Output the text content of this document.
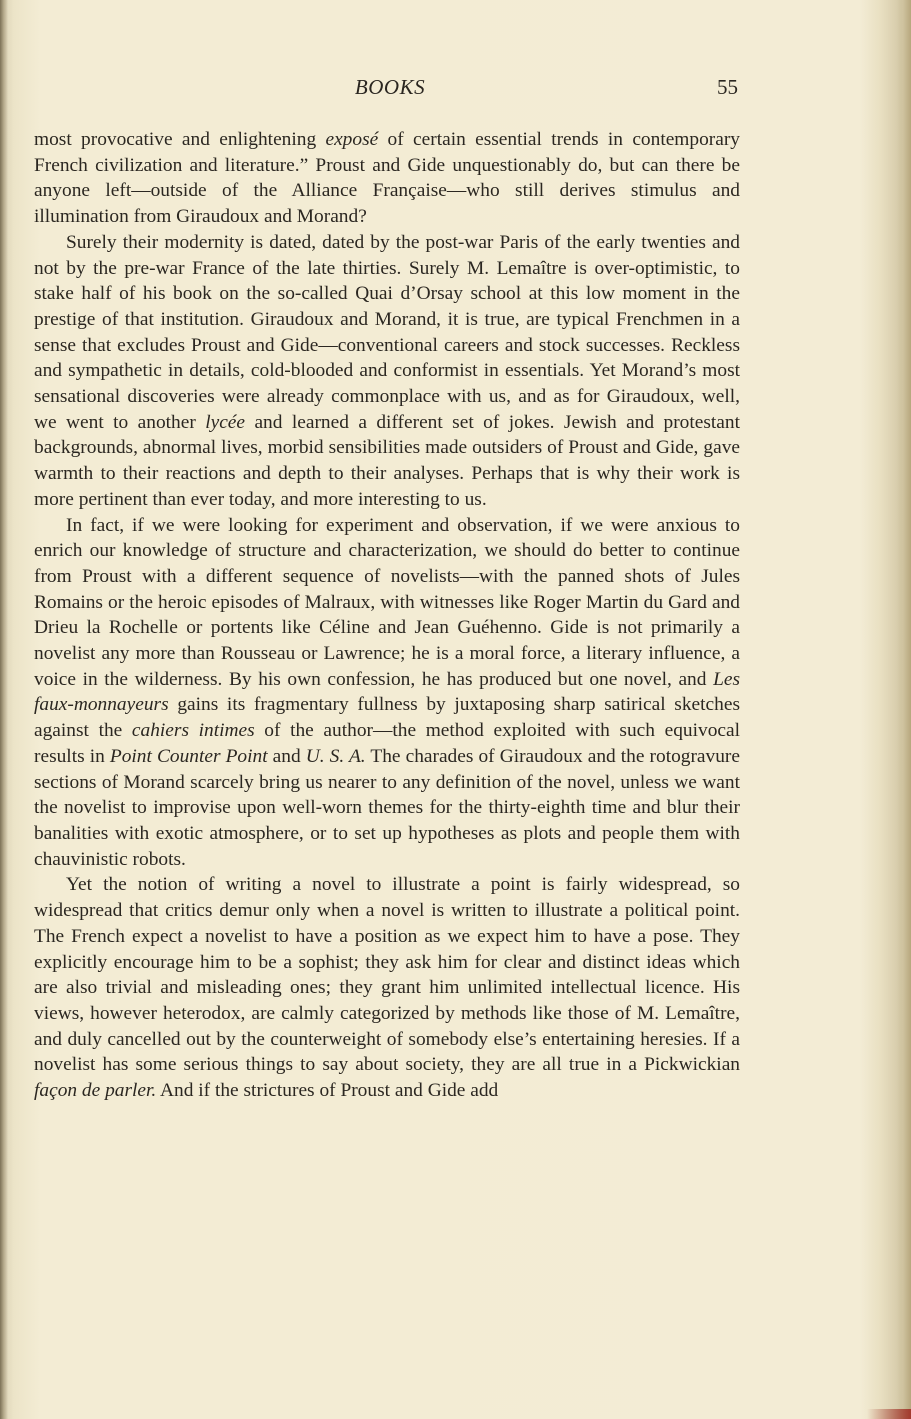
BOOKS	55

most provocative and enlightening exposé of certain essential trends in contemporary French civilization and literature.” Proust and Gide unquestionably do, but can there be anyone left—outside of the Alliance Française—who still derives stimulus and illumination from Giraudoux and Morand?

Surely their modernity is dated, dated by the post-war Paris of the early twenties and not by the pre-war France of the late thirties. Surely M. Lemaître is over-optimistic, to stake half of his book on the so-called Quai d’Orsay school at this low moment in the prestige of that institution. Giraudoux and Morand, it is true, are typical Frenchmen in a sense that excludes Proust and Gide—conventional careers and stock successes. Reckless and sympathetic in details, cold-blooded and conformist in essentials. Yet Morand’s most sensational discoveries were already commonplace with us, and as for Giraudoux, well, we went to another lycée and learned a different set of jokes. Jewish and protestant backgrounds, abnormal lives, morbid sensibilities made outsiders of Proust and Gide, gave warmth to their reactions and depth to their analyses. Perhaps that is why their work is more pertinent than ever today, and more interesting to us.

In fact, if we were looking for experiment and observation, if we were anxious to enrich our knowledge of structure and characterization, we should do better to continue from Proust with a different sequence of novelists—with the panned shots of Jules Romains or the heroic episodes of Malraux, with witnesses like Roger Martin du Gard and Drieu la Rochelle or portents like Céline and Jean Guéhenno. Gide is not primarily a novelist any more than Rousseau or Lawrence; he is a moral force, a literary influence, a voice in the wilderness. By his own confession, he has produced but one novel, and Les faux-monnayeurs gains its fragmentary fullness by juxtaposing sharp satirical sketches against the cahiers intimes of the author—the method exploited with such equivocal results in Point Counter Point and U. S. A. The charades of Giraudoux and the rotogravure sections of Morand scarcely bring us nearer to any definition of the novel, unless we want the novelist to improvise upon well-worn themes for the thirty-eighth time and blur their banalities with exotic atmosphere, or to set up hypotheses as plots and people them with chauvinistic robots.

Yet the notion of writing a novel to illustrate a point is fairly widespread, so widespread that critics demur only when a novel is written to illustrate a political point. The French expect a novelist to have a position as we expect him to have a pose. They explicitly encourage him to be a sophist; they ask him for clear and distinct ideas which are also trivial and misleading ones; they grant him unlimited intellectual licence. His views, however heterodox, are calmly categorized by methods like those of M. Lemaître, and duly cancelled out by the counterweight of somebody else’s entertaining heresies. If a novelist has some serious things to say about society, they are all true in a Pickwickian façon de parler. And if the strictures of Proust and Gide add
